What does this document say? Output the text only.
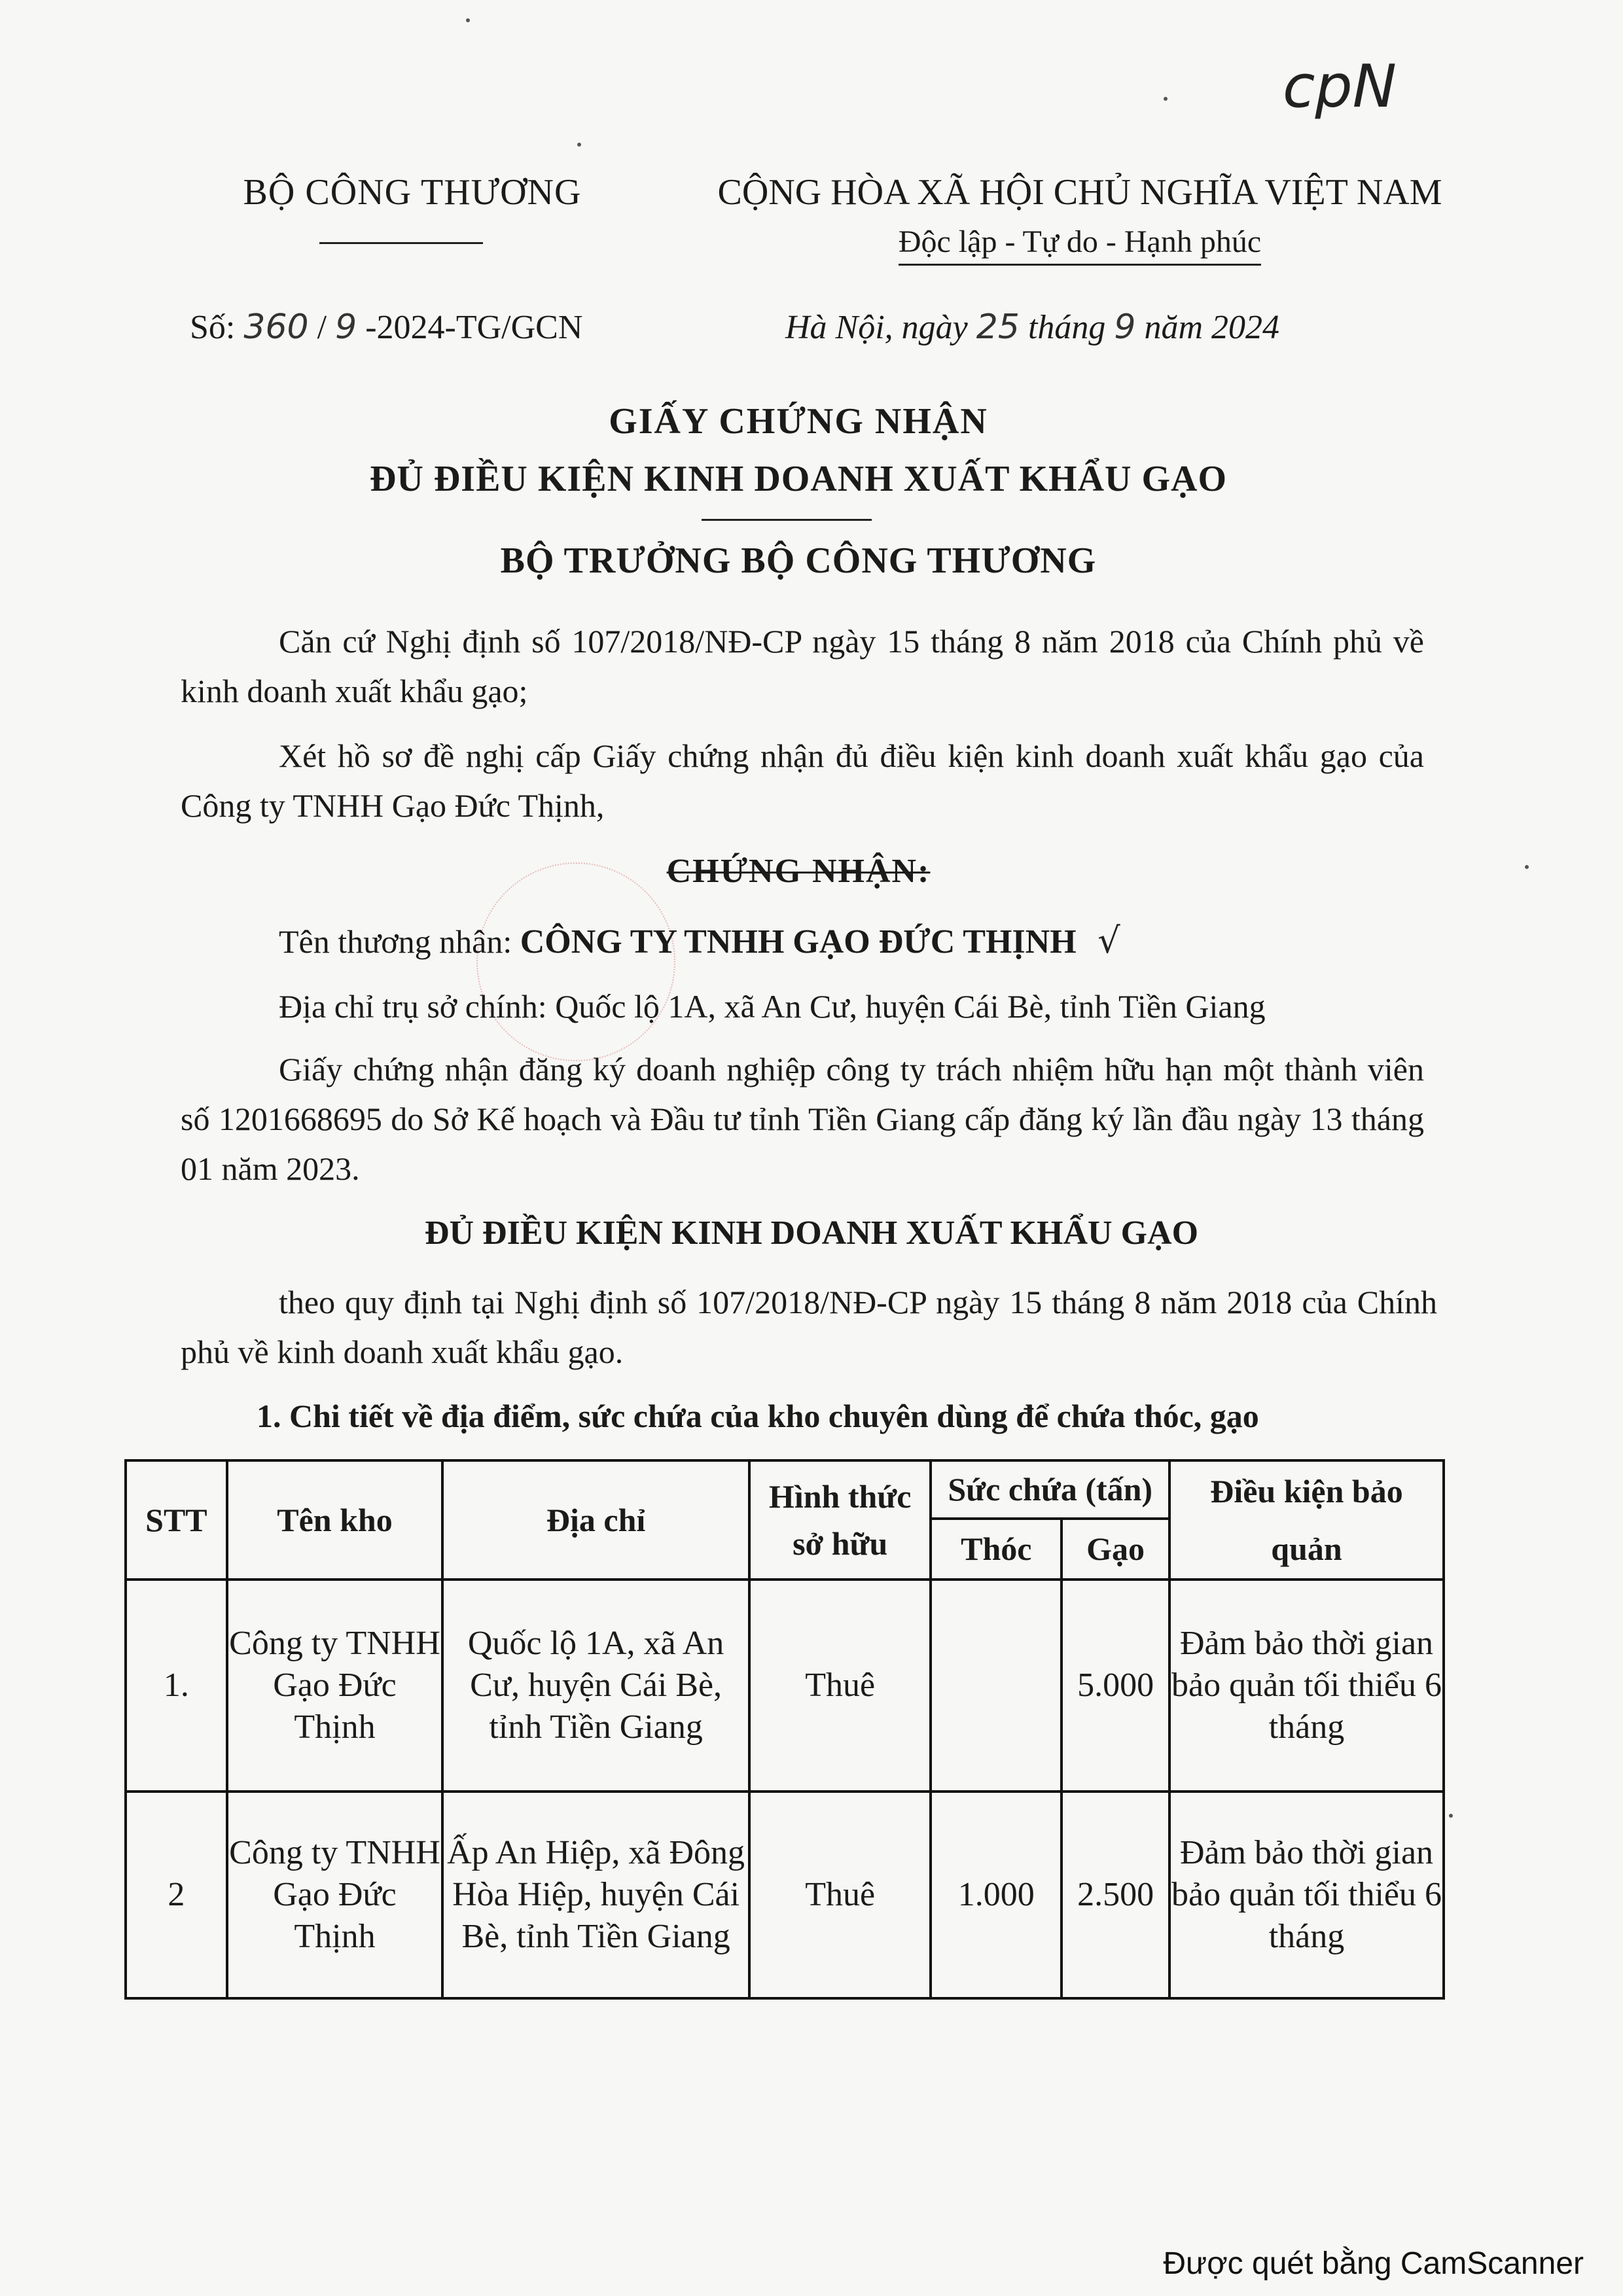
cpN
BỘ CÔNG THƯƠNG	CỘNG HÒA XÃ HỘI CHỦ NGHĨA VIỆT NAM
Độc lập - Tự do - Hạnh phúc
Số: 360 / 9 -2024-TG/GCN	Hà Nội, ngày 25 tháng 9 năm 2024
GIẤY CHỨNG NHẬN
ĐỦ ĐIỀU KIỆN KINH DOANH XUẤT KHẨU GẠO
BỘ TRƯỞNG BỘ CÔNG THƯƠNG
Căn cứ Nghị định số 107/2018/NĐ-CP ngày 15 tháng 8 năm 2018 của Chính phủ về kinh doanh xuất khẩu gạo;
Xét hồ sơ đề nghị cấp Giấy chứng nhận đủ điều kiện kinh doanh xuất khẩu gạo của Công ty TNHH Gạo Đức Thịnh,
CHỨNG NHẬN:
Tên thương nhân: CÔNG TY TNHH GẠO ĐỨC THỊNH √
Địa chỉ trụ sở chính: Quốc lộ 1A, xã An Cư, huyện Cái Bè, tỉnh Tiền Giang
Giấy chứng nhận đăng ký doanh nghiệp công ty trách nhiệm hữu hạn một thành viên số 1201668695 do Sở Kế hoạch và Đầu tư tỉnh Tiền Giang cấp đăng ký lần đầu ngày 13 tháng 01 năm 2023.
ĐỦ ĐIỀU KIỆN KINH DOANH XUẤT KHẨU GẠO
theo quy định tại Nghị định số 107/2018/NĐ-CP ngày 15 tháng 8 năm 2018 của Chính phủ về kinh doanh xuất khẩu gạo.
1. Chi tiết về địa điểm, sức chứa của kho chuyên dùng để chứa thóc, gạo
STT	Tên kho	Địa chỉ	Hình thức sở hữu	Sức chứa (tấn)		Điều kiện bảo quản
				Thóc	Gạo	
1.	Công ty TNHH Gạo Đức Thịnh	Quốc lộ 1A, xã An Cư, huyện Cái Bè, tỉnh Tiền Giang	Thuê		5.000	Đảm bảo thời gian bảo quản tối thiểu 6 tháng
2	Công ty TNHH Gạo Đức Thịnh	Ấp An Hiệp, xã Đông Hòa Hiệp, huyện Cái Bè, tỉnh Tiền Giang	Thuê	1.000	2.500	Đảm bảo thời gian bảo quản tối thiểu 6 tháng
Được quét bằng CamScanner
